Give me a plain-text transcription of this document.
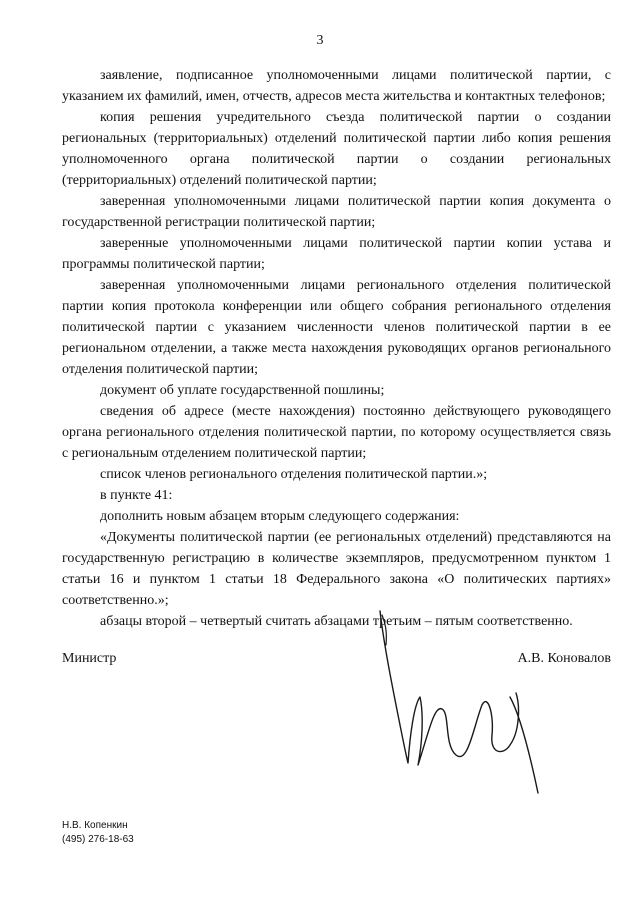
3

заявление, подписанное уполномоченными лицами политической партии, с указанием их фамилий, имен, отчеств, адресов места жительства и контактных телефонов;

копия решения учредительного съезда политической партии о создании региональных (территориальных) отделений политической партии либо копия решения уполномоченного органа политической партии о создании региональных (территориальных) отделений политической партии;

заверенная уполномоченными лицами политической партии копия документа о государственной регистрации политической партии;

заверенные уполномоченными лицами политической партии копии устава и программы политической партии;

заверенная уполномоченными лицами регионального отделения политической партии копия протокола конференции или общего собрания регионального отделения политической партии с указанием численности членов политической партии в ее региональном отделении, а также места нахождения руководящих органов регионального отделения политической партии;

документ об уплате государственной пошлины;

сведения об адресе (месте нахождения) постоянно действующего руководящего органа регионального отделения политической партии, по которому осуществляется связь с региональным отделением политической партии;

список членов регионального отделения политической партии.»;

в пункте 41:

дополнить новым абзацем вторым следующего содержания:

«Документы политической партии (ее региональных отделений) представляются на государственную регистрацию в количестве экземпляров, предусмотренном пунктом 1 статьи 16 и пунктом 1 статьи 18 Федерального закона «О политических партиях» соответственно.»;

абзацы второй – четвертый считать абзацами третьим – пятым соответственно.

Министр	А.В. Коновалов
Н.В. Копенкин
(495) 276-18-63
